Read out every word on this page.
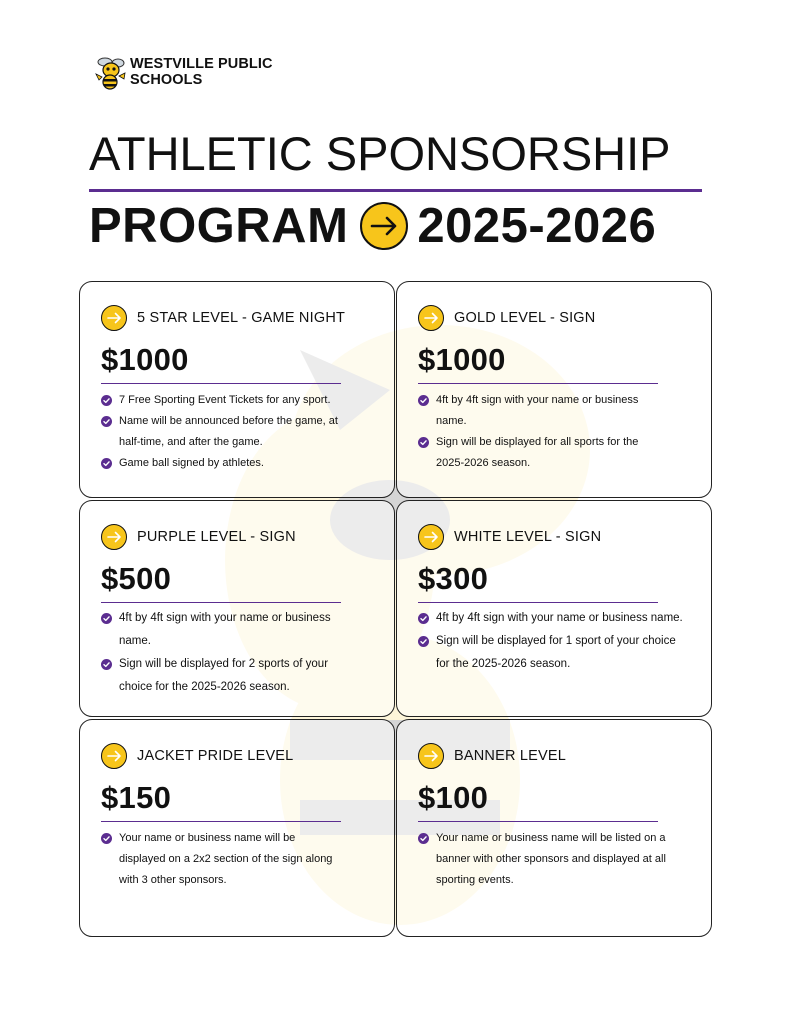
WESTVILLE PUBLIC SCHOOLS
ATHLETIC SPONSORSHIP
PROGRAM 2025-2026
5 STAR LEVEL - GAME NIGHT
$1000
7 Free Sporting Event Tickets for any sport.
Name will be announced before the game, at half-time, and after the game.
Game ball signed by athletes.
GOLD LEVEL - SIGN
$1000
4ft by 4ft sign with your name or business name.
Sign will be displayed for all sports for the 2025-2026 season.
PURPLE LEVEL - SIGN
$500
4ft by 4ft sign with your name or business name.
Sign will be displayed for 2 sports of your choice for the 2025-2026 season.
WHITE LEVEL - SIGN
$300
4ft by 4ft sign with your name or business name.
Sign will be displayed for 1 sport of your choice for the 2025-2026 season.
JACKET PRIDE LEVEL
$150
Your name or business name will be displayed on a 2x2 section of the sign along with 3 other sponsors.
BANNER LEVEL
$100
Your name or business name will be listed on a banner with other sponsors and displayed at all sporting events.
